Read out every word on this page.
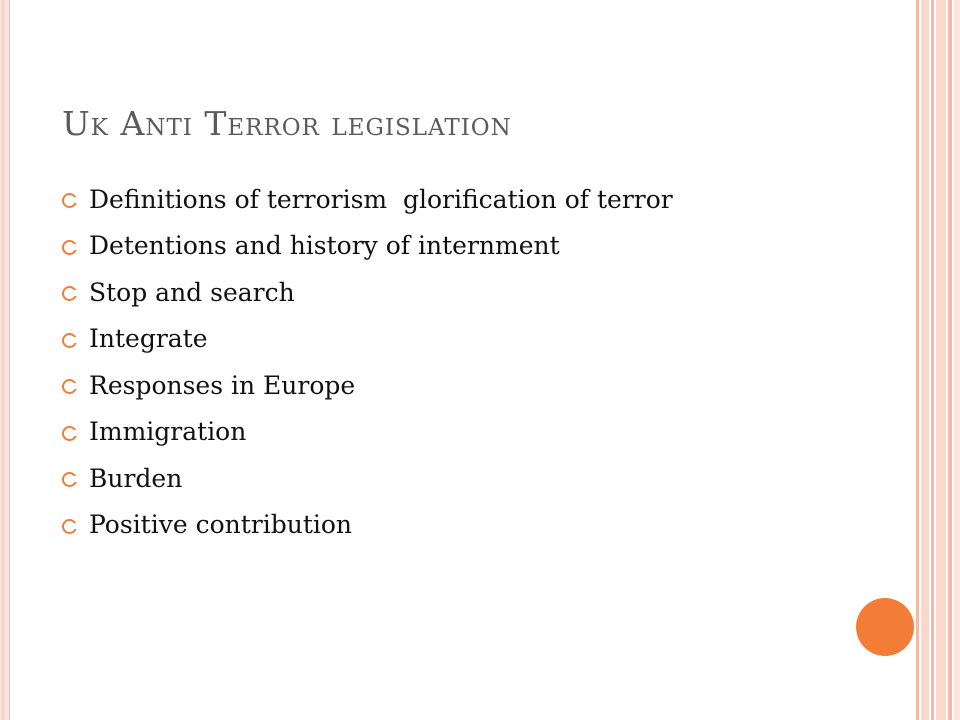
Uk Anti Terror legislation
Definitions of terrorism  glorification of terror
Detentions and history of internment
Stop and search
Integrate
Responses in Europe
Immigration
Burden
Positive contribution
